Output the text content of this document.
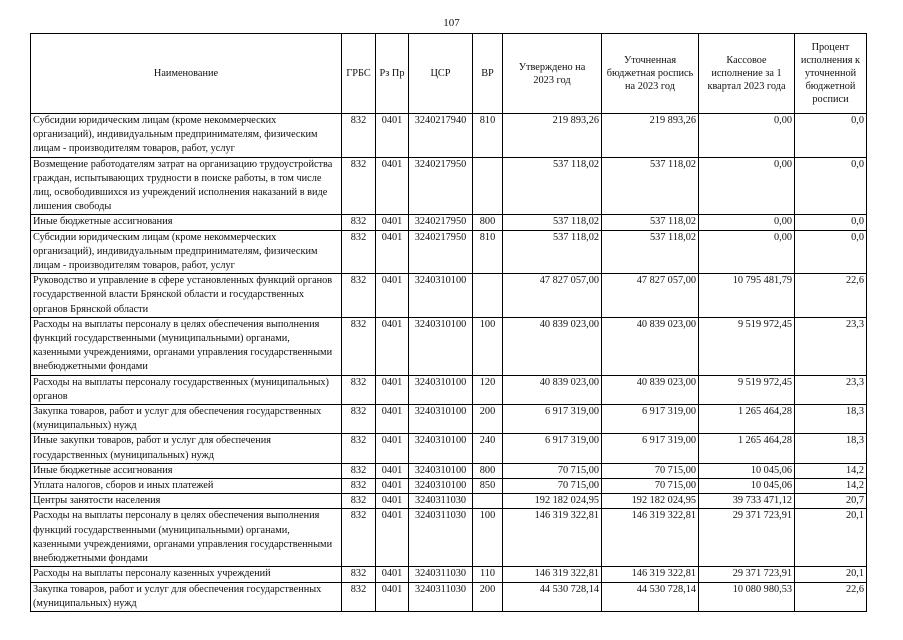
107
Наименование	ГРБС	Рз Пр	ЦСР	ВР	Утверждено на 2023 год	Уточненная бюджетная роспись на 2023 год	Кассовое исполнение за 1 квартал 2023 года	Процент исполнения к уточненной бюджетной росписи
Субсидии юридическим лицам (кроме некоммерческих организаций), индивидуальным предпринимателям, физическим лицам - производителям товаров, работ, услуг	832	0401	3240217940	810	219 893,26	219 893,26	0,00	0,0
Возмещение работодателям затрат на организацию трудоустройства граждан, испытывающих трудности в поиске работы, в том числе лиц, освободившихся из учреждений исполнения наказаний в виде лишения свободы	832	0401	3240217950		537 118,02	537 118,02	0,00	0,0
Иные бюджетные ассигнования	832	0401	3240217950	800	537 118,02	537 118,02	0,00	0,0
Субсидии юридическим лицам (кроме некоммерческих организаций), индивидуальным предпринимателям, физическим лицам - производителям товаров, работ, услуг	832	0401	3240217950	810	537 118,02	537 118,02	0,00	0,0
Руководство и управление в сфере установленных функций органов государственной власти Брянской области и государственных органов Брянской области	832	0401	3240310100		47 827 057,00	47 827 057,00	10 795 481,79	22,6
Расходы на выплаты персоналу в целях обеспечения выполнения функций государственными (муниципальными) органами, казенными учреждениями, органами управления государственными внебюджетными фондами	832	0401	3240310100	100	40 839 023,00	40 839 023,00	9 519 972,45	23,3
Расходы на выплаты персоналу государственных (муниципальных) органов	832	0401	3240310100	120	40 839 023,00	40 839 023,00	9 519 972,45	23,3
Закупка товаров, работ и услуг для обеспечения государственных (муниципальных) нужд	832	0401	3240310100	200	6 917 319,00	6 917 319,00	1 265 464,28	18,3
Иные закупки товаров, работ и услуг для обеспечения государственных (муниципальных) нужд	832	0401	3240310100	240	6 917 319,00	6 917 319,00	1 265 464,28	18,3
Иные бюджетные ассигнования	832	0401	3240310100	800	70 715,00	70 715,00	10 045,06	14,2
Уплата налогов, сборов и иных платежей	832	0401	3240310100	850	70 715,00	70 715,00	10 045,06	14,2
Центры занятости населения	832	0401	3240311030		192 182 024,95	192 182 024,95	39 733 471,12	20,7
Расходы на выплаты персоналу в целях обеспечения выполнения функций государственными (муниципальными) органами, казенными учреждениями, органами управления государственными внебюджетными фондами	832	0401	3240311030	100	146 319 322,81	146 319 322,81	29 371 723,91	20,1
Расходы на выплаты персоналу казенных учреждений	832	0401	3240311030	110	146 319 322,81	146 319 322,81	29 371 723,91	20,1
Закупка товаров, работ и услуг для обеспечения государственных (муниципальных) нужд	832	0401	3240311030	200	44 530 728,14	44 530 728,14	10 080 980,53	22,6
